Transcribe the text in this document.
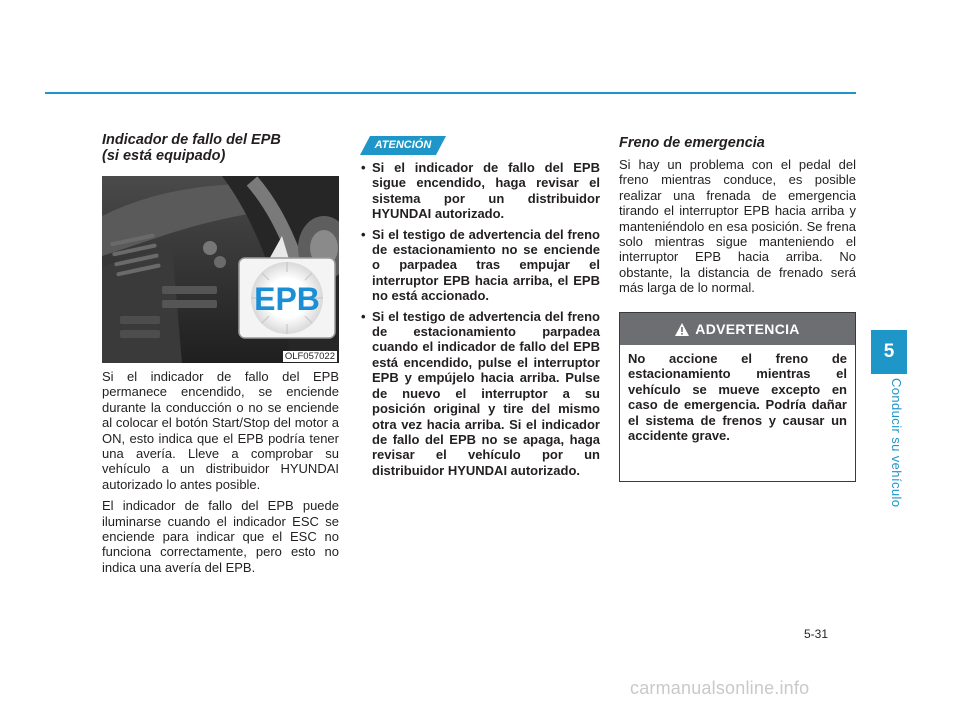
Indicador de fallo del EPB

(si está equipado)

EPB
OLF057022

Si el indicador de fallo del EPB permanece encendido, se enciende durante la conducción o no se enciende al colocar el botón Start/Stop del motor a ON, esto indica que el EPB podría tener una avería. Lleve a comprobar su vehículo a un distribuidor HYUNDAI autorizado lo antes posible.

El indicador de fallo del EPB puede iluminarse cuando el indicador ESC se enciende para indicar que el ESC no funciona correctamente, pero esto no indica una avería del EPB.

ATENCIÓN
• Si el indicador de fallo del EPB sigue encendido, haga revisar el sistema por un distribuidor HYUNDAI autorizado.
• Si el testigo de advertencia del freno de estacionamiento no se enciende o parpadea tras empujar el interruptor EPB hacia arriba, el EPB no está accionado.
• Si el testigo de advertencia del freno de estacionamiento parpadea cuando el indicador de fallo del EPB está encendido, pulse el interruptor EPB y empújelo hacia arriba. Pulse de nuevo el interruptor a su posición original y tire del mismo otra vez hacia arriba. Si el indicador de fallo del EPB no se apaga, haga revisar el vehículo por un distribuidor HYUNDAI autorizado.

Freno de emergencia

Si hay un problema con el pedal del freno mientras conduce, es posible realizar una frenada de emergencia tirando el interruptor EPB hacia arriba y manteniéndolo en esa posición. Se frena solo mientras sigue manteniendo el interruptor EPB hacia arriba. No obstante, la distancia de frenado será más larga de lo normal.

ADVERTENCIA
No accione el freno de estacionamiento mientras el vehículo se mueve excepto en caso de emergencia. Podría dañar el sistema de frenos y causar un accidente grave.
5
Conducir su vehículo
5-31
carmanualsonline.info
